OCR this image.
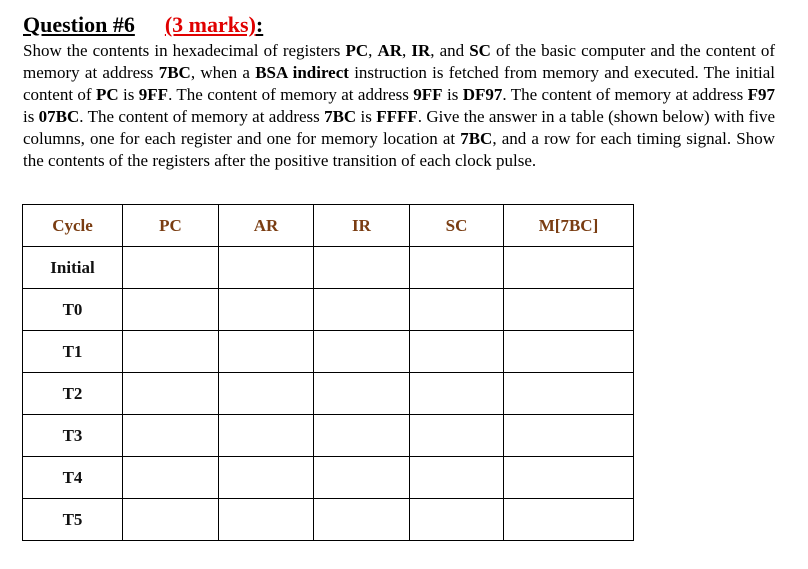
Question #6 (3 marks):
Show the contents in hexadecimal of registers PC, AR, IR, and SC of the basic computer and the content of memory at address 7BC, when a BSA indirect instruction is fetched from memory and executed. The initial content of PC is 9FF. The content of memory at address 9FF is DF97. The content of memory at address F97 is 07BC. The content of memory at address 7BC is FFFF. Give the answer in a table (shown below) with five columns, one for each register and one for memory location at 7BC, and a row for each timing signal. Show the contents of the registers after the positive transition of each clock pulse.
Cycle	PC	AR	IR	SC	M[7BC]
Initial					
T0					
T1					
T2					
T3					
T4					
T5					
